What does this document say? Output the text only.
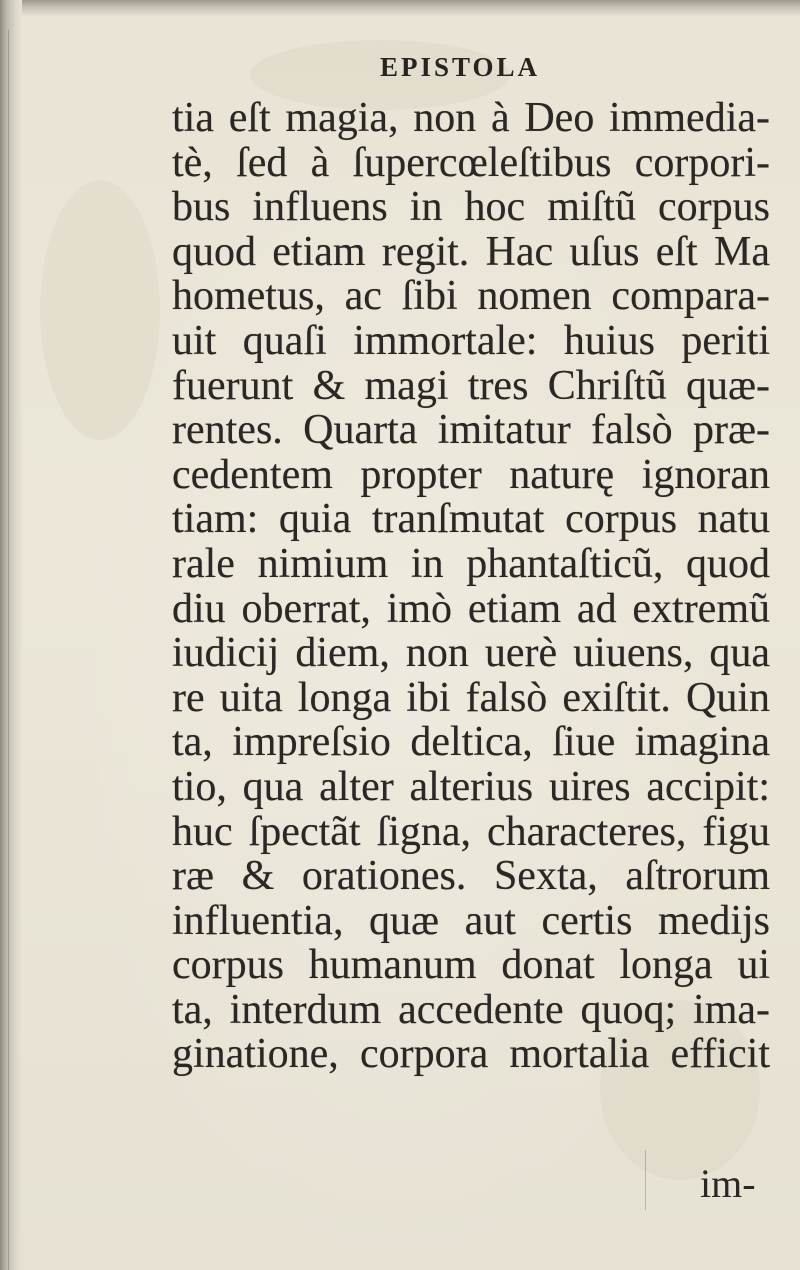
EPISTOLA
tia eſt magia, non à Deo immedia-
tè, ſed à ſupercœleſtibus corpori-
bus influens in hoc miſtũ corpus
quod etiam regit. Hac uſus eſt Ma
hometus, ac ſibi nomen compara-
uit quaſi immortale: huius periti
fuerunt & magi tres Chriſtũ quæ-
rentes. Quarta imitatur falsò præ-
cedentem propter naturę ignoran
tiam: quia tranſmutat corpus natu
rale nimium in phantaſticũ, quod
diu oberrat, imò etiam ad extremũ
iudicij diem, non uerè uiuens, qua
re uita longa ibi falsò exiſtit. Quin
ta, impreſsio deltica, ſiue imagina
tio, qua alter alterius uires accipit:
huc ſpectãt ſigna, characteres, figu
ræ & orationes. Sexta, aſtrorum
influentia, quæ aut certis medijs
corpus humanum donat longa ui
ta, interdum accedente quoq; ima-
ginatione, corpora mortalia efficit
im-
